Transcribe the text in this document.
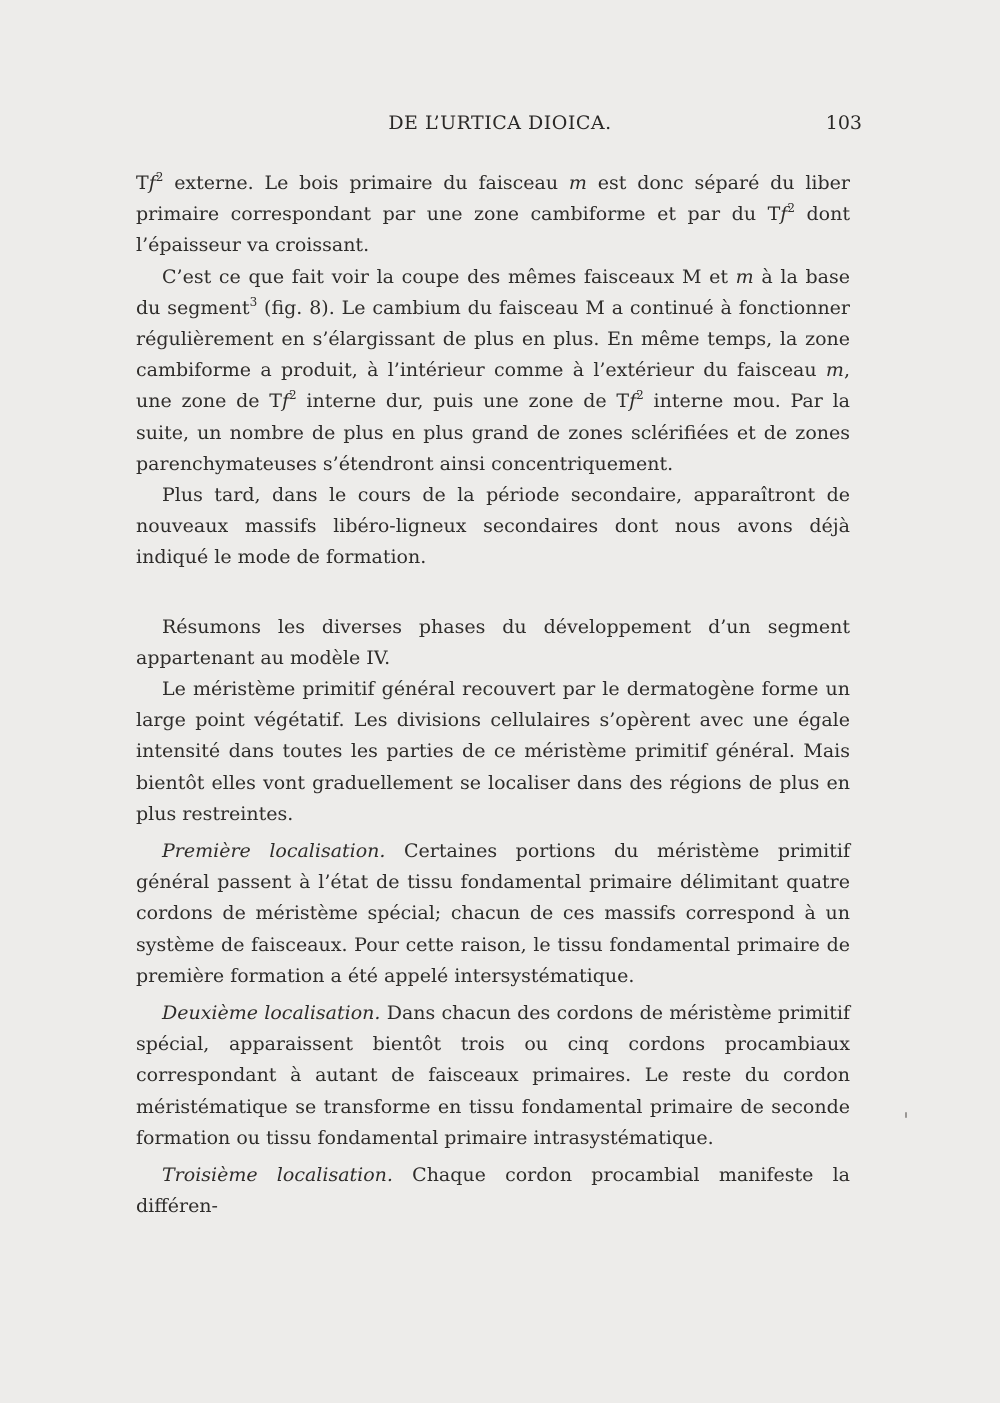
DE L’URTICA DIOICA.	103

Tf$^2$ externe. Le bois primaire du faisceau m est donc séparé du liber primaire correspondant par une zone cambiforme et par du Tf$^2$ dont l’épaisseur va croissant.

C’est ce que fait voir la coupe des mêmes faisceaux M et m à la base du segment$^3$ (fig. 8). Le cambium du faisceau M a continué à fonctionner régulièrement en s’élargissant de plus en plus. En même temps, la zone cambiforme a produit, à l’intérieur comme à l’extérieur du faisceau m, une zone de Tf$^2$ interne dur, puis une zone de Tf$^2$ interne mou. Par la suite, un nombre de plus en plus grand de zones sclérifiées et de zones parenchymateuses s’étendront ainsi concentriquement.

Plus tard, dans le cours de la période secondaire, apparaîtront de nouveaux massifs libéro-ligneux secondaires dont nous avons déjà indiqué le mode de formation.

Résumons les diverses phases du développement d’un segment appartenant au modèle IV.

Le méristème primitif général recouvert par le dermatogène forme un large point végétatif. Les divisions cellulaires s’opèrent avec une égale intensité dans toutes les parties de ce méristème primitif général. Mais bientôt elles vont graduellement se localiser dans des régions de plus en plus restreintes.

Première localisation. Certaines portions du méristème primitif général passent à l’état de tissu fondamental primaire délimitant quatre cordons de méristème spécial; chacun de ces massifs correspond à un système de faisceaux. Pour cette raison, le tissu fondamental primaire de première formation a été appelé intersystématique.

Deuxième localisation. Dans chacun des cordons de méristème primitif spécial, apparaissent bientôt trois ou cinq cordons procambiaux correspondant à autant de faisceaux primaires. Le reste du cordon méristématique se transforme en tissu fondamental primaire de seconde formation ou tissu fondamental primaire intrasystématique.

Troisième localisation. Chaque cordon procambial manifeste la différen-
